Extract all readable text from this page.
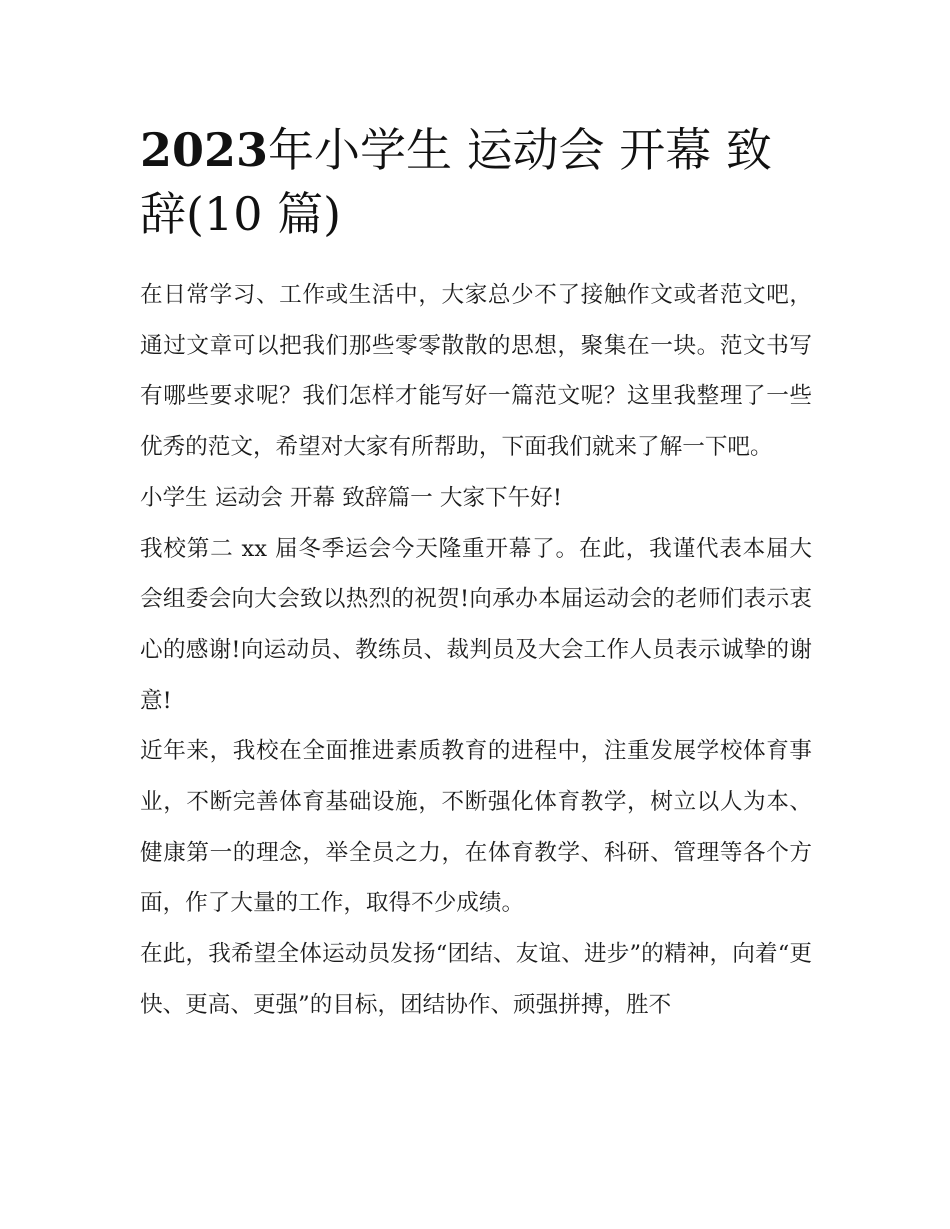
2023年小学生 运动会 开幕 致辞(10 篇)

在日常学习、工作或生活中，大家总少不了接触作文或者范文吧，通过文章可以把我们那些零零散散的思想，聚集在一块。范文书写有哪些要求呢？我们怎样才能写好一篇范文呢？这里我整理了一些优秀的范文，希望对大家有所帮助，下面我们就来了解一下吧。

小学生 运动会 开幕 致辞篇一 大家下午好!

我校第二 xx 届冬季运会今天隆重开幕了。在此，我谨代表本届大会组委会向大会致以热烈的祝贺!向承办本届运动会的老师们表示衷心的感谢!向运动员、教练员、裁判员及大会工作人员表示诚挚的谢意!

近年来，我校在全面推进素质教育的进程中，注重发展学校体育事业，不断完善体育基础设施，不断强化体育教学，树立以人为本、健康第一的理念，举全员之力，在体育教学、科研、管理等各个方面，作了大量的工作，取得不少成绩。

在此，我希望全体运动员发扬“团结、友谊、进步”的精神，向着“更快、更高、更强”的目标，团结协作、顽强拼搏，胜不
